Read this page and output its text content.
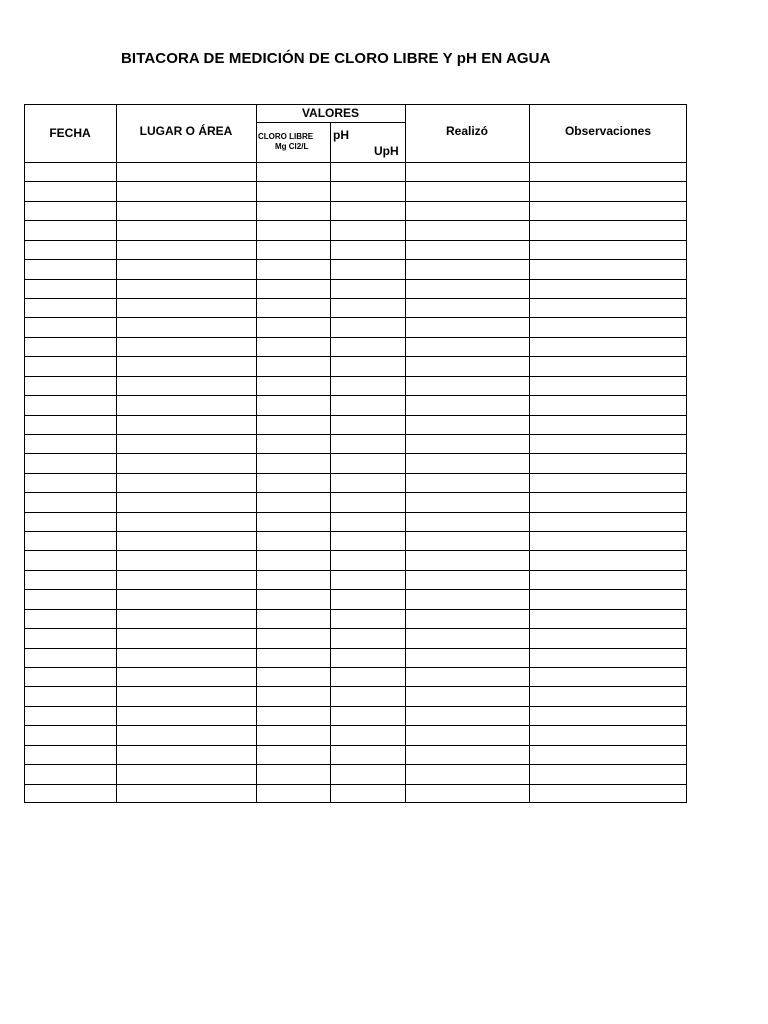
BITACORA DE MEDICIÓN DE CLORO LIBRE Y pH EN AGUA
FECHA	LUGAR O ÁREA
VALORES
CLORO LIBRE
Mg Cl2/L
pH
UpH
Realizó	Observaciones
